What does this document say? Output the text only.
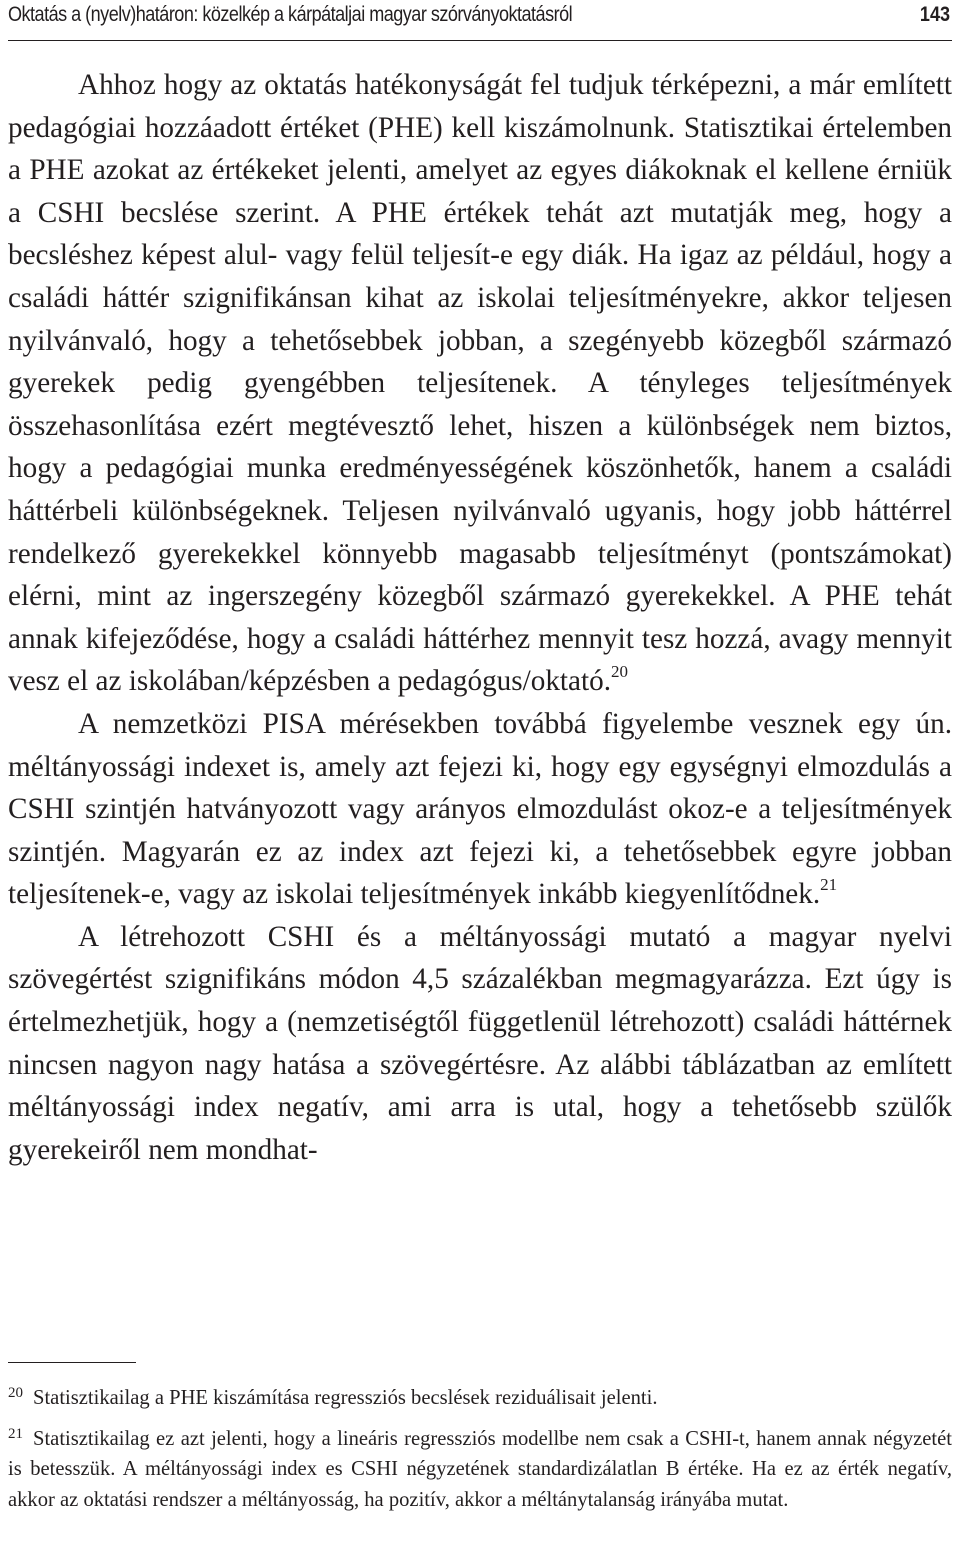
Oktatás a (nyelv)határon: közelkép a kárpátaljai magyar szórványoktatásról	143

Ahhoz hogy az oktatás hatékonyságát fel tudjuk térképezni, a már említett pedagógiai hozzáadott értéket (PHE) kell kiszámolnunk. Statisztikai értelemben a PHE azokat az értékeket jelenti, amelyet az egyes diákoknak el kellene érniük a CSHI becslése szerint. A PHE értékek tehát azt mutatják meg, hogy a becsléshez képest alul- vagy felül teljesít-e egy diák. Ha igaz az például, hogy a családi háttér szignifikánsan kihat az iskolai teljesítményekre, akkor teljesen nyilvánvaló, hogy a tehetősebbek jobban, a szegényebb közegből származó gyerekek pedig gyengébben teljesítenek. A tényleges teljesítmények összehasonlítása ezért megtévesztő lehet, hiszen a különbségek nem biztos, hogy a pedagógiai munka eredményességének köszönhetők, hanem a családi háttérbeli különbségeknek. Teljesen nyilvánvaló ugyanis, hogy jobb háttérrel rendelkező gyerekekkel könnyebb magasabb teljesítményt (pontszámokat) elérni, mint az ingerszegény közegből származó gyerekekkel. A PHE tehát annak kifejeződése, hogy a családi háttérhez mennyit tesz hozzá, avagy mennyit vesz el az iskolában/képzésben a pedagógus/oktató.$^{20}$

A nemzetközi PISA mérésekben továbbá figyelembe vesznek egy ún. méltányossági indexet is, amely azt fejezi ki, hogy egy egységnyi elmozdulás a CSHI szintjén hatványozott vagy arányos elmozdulást okoz-e a teljesítmények szintjén. Magyarán ez az index azt fejezi ki, a tehetősebbek egyre jobban teljesítenek-e, vagy az iskolai teljesítmények inkább kiegyenlítődnek.$^{21}$

A létrehozott CSHI és a méltányossági mutató a magyar nyelvi szövegértést szignifikáns módon 4,5 százalékban megmagyarázza. Ezt úgy is értelmezhetjük, hogy a (nemzetiségtől függetlenül létrehozott) családi háttérnek nincsen nagyon nagy hatása a szövegértésre. Az alábbi táblázatban az említett méltányossági index negatív, ami arra is utal, hogy a tehetősebb szülők gyerekeiről nem mondhat-

$^{20}$ Statisztikailag a PHE kiszámítása regressziós becslések reziduálisait jelenti.

$^{21}$ Statisztikailag ez azt jelenti, hogy a lineáris regressziós modellbe nem csak a CSHI-t, hanem annak négyzetét is betesszük. A méltányossági index es CSHI négyzetének standardizálatlan B értéke. Ha ez az érték negatív, akkor az oktatási rendszer a méltányosság, ha pozitív, akkor a méltánytalanság irányába mutat.
